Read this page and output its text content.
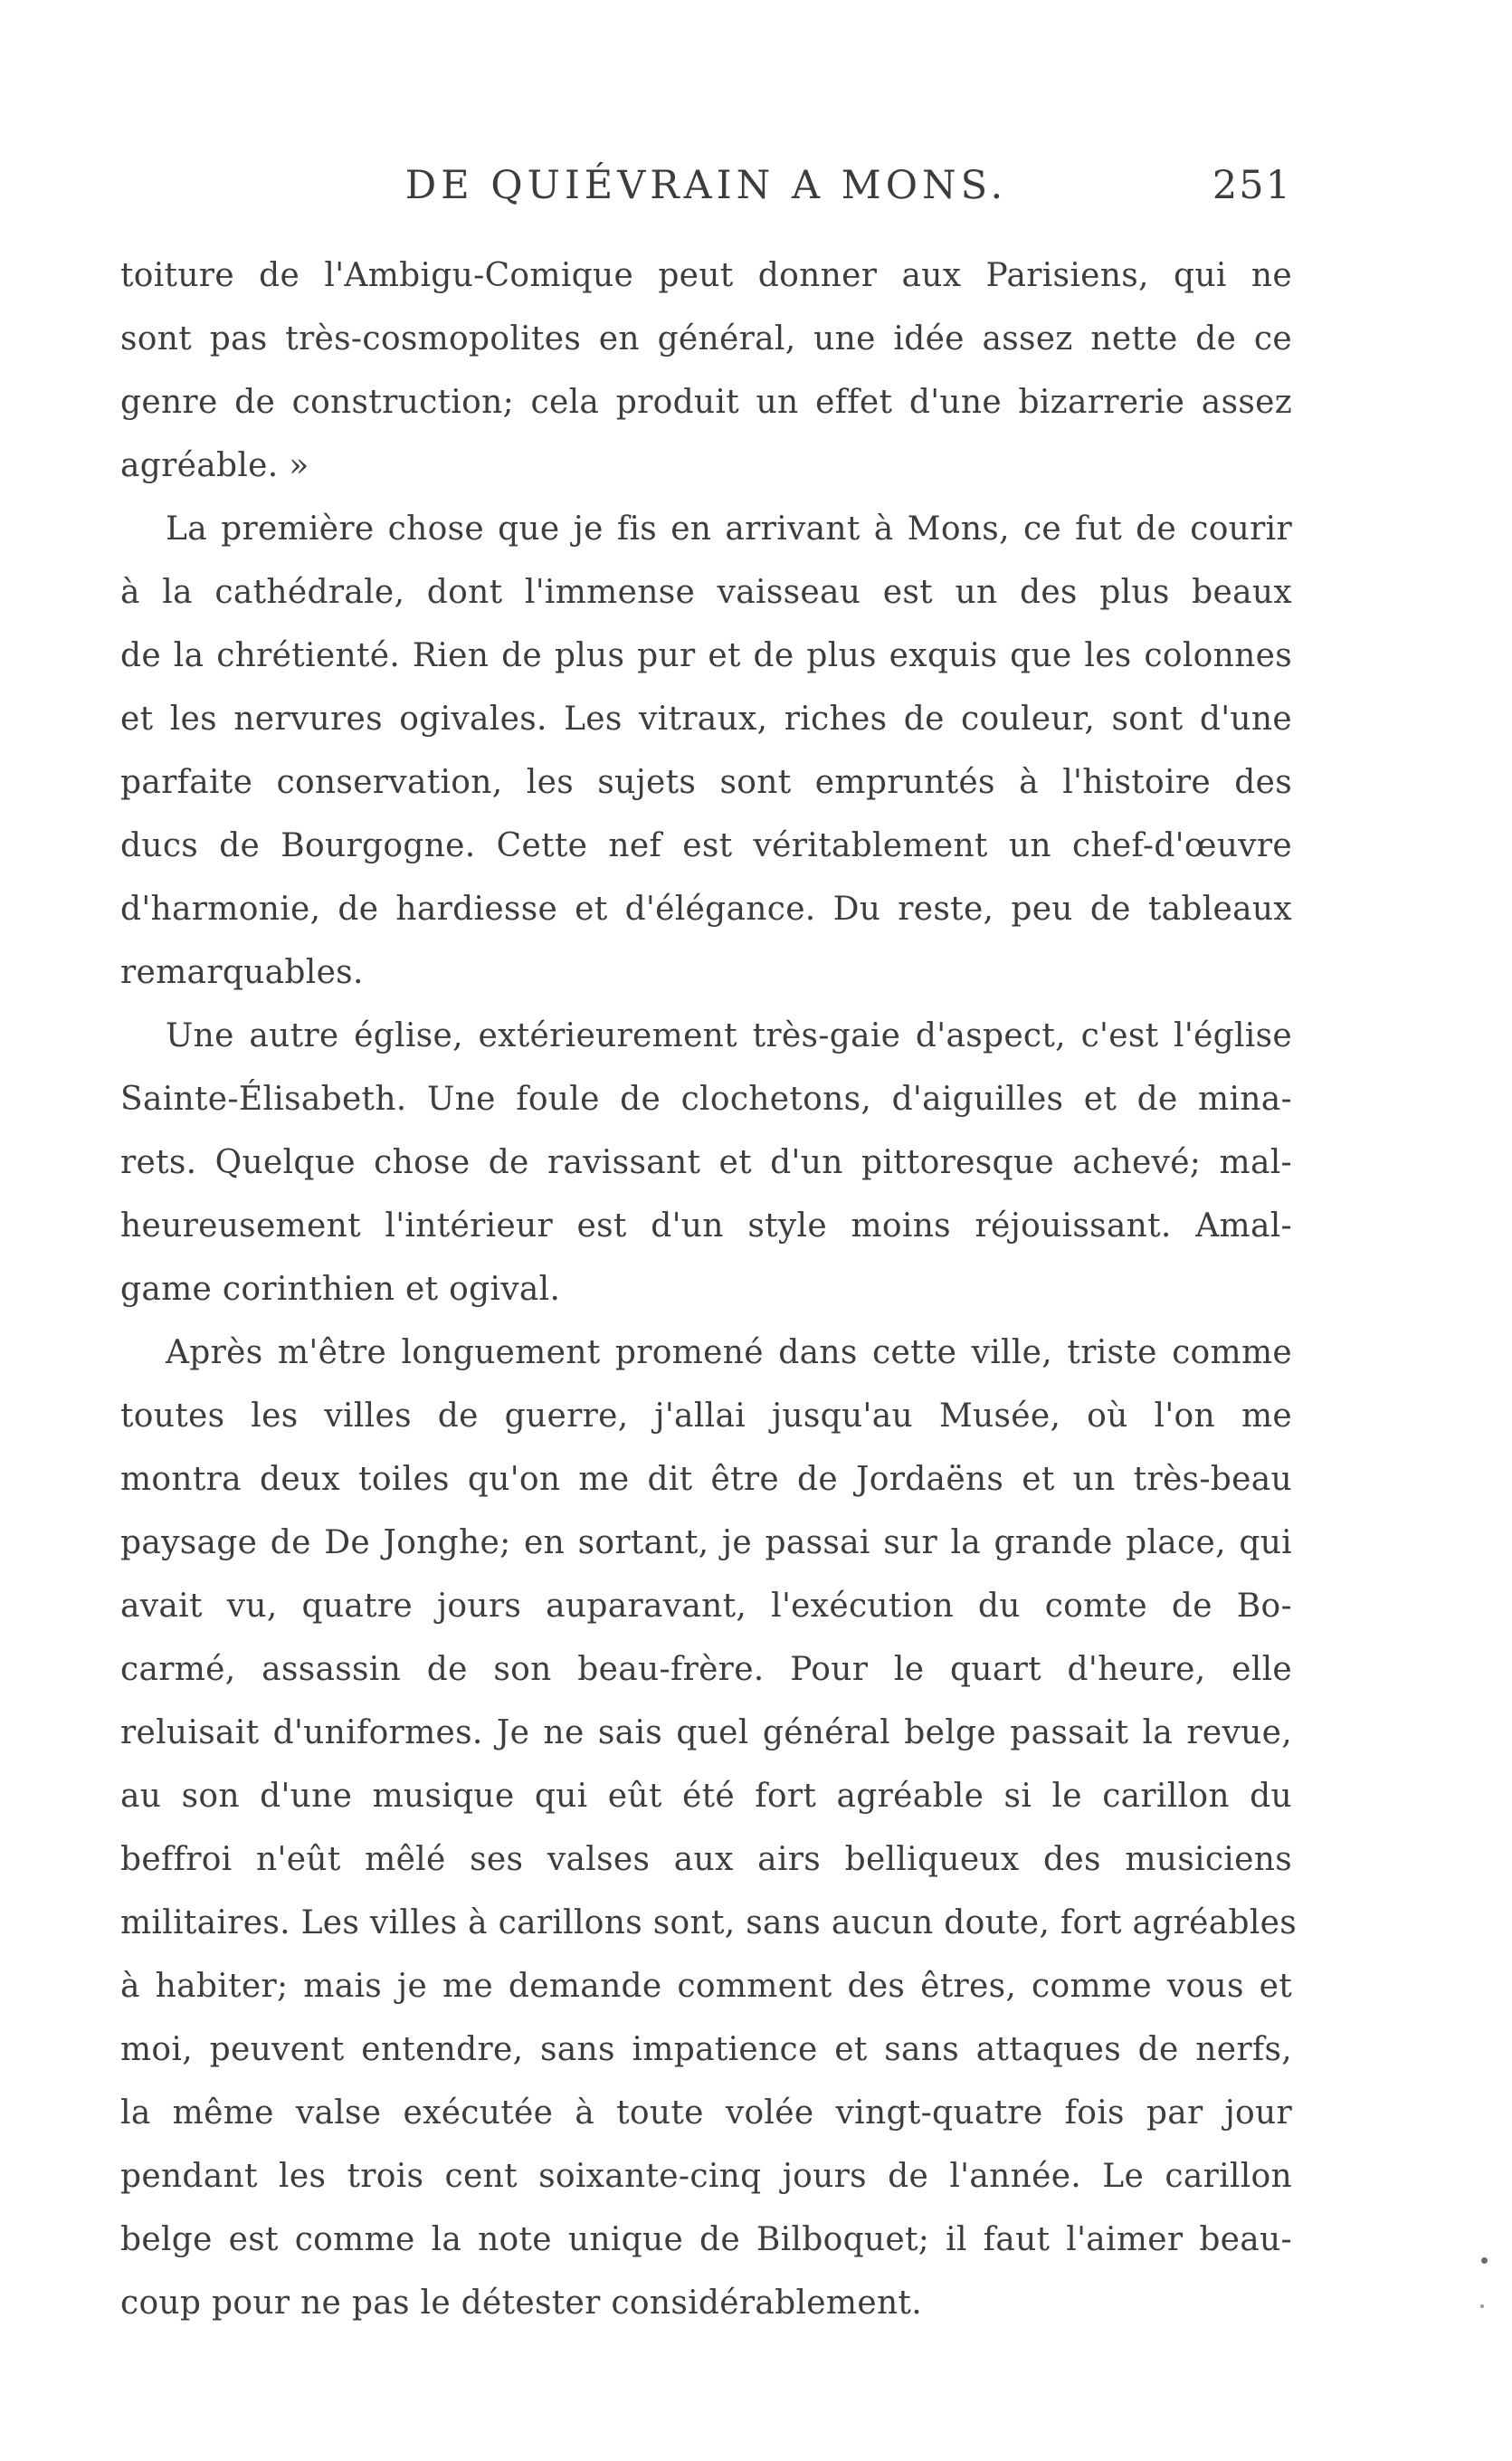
DE QUIÉVRAIN A MONS.	251
toiture de l'Ambigu-Comique peut donner aux Parisiens, qui ne
sont pas très-cosmopolites en général, une idée assez nette de ce
genre de construction; cela produit un effet d'une bizarrerie assez
agréable. »
La première chose que je fis en arrivant à Mons, ce fut de courir
à la cathédrale, dont l'immense vaisseau est un des plus beaux
de la chrétienté. Rien de plus pur et de plus exquis que les colonnes
et les nervures ogivales. Les vitraux, riches de couleur, sont d'une
parfaite conservation, les sujets sont empruntés à l'histoire des
ducs de Bourgogne. Cette nef est véritablement un chef-d'œuvre
d'harmonie, de hardiesse et d'élégance. Du reste, peu de tableaux
remarquables.
Une autre église, extérieurement très-gaie d'aspect, c'est l'église
Sainte-Élisabeth. Une foule de clochetons, d'aiguilles et de mina-
rets. Quelque chose de ravissant et d'un pittoresque achevé; mal-
heureusement l'intérieur est d'un style moins réjouissant. Amal-
game corinthien et ogival.
Après m'être longuement promené dans cette ville, triste comme
toutes les villes de guerre, j'allai jusqu'au Musée, où l'on me
montra deux toiles qu'on me dit être de Jordaëns et un très-beau
paysage de De Jonghe; en sortant, je passai sur la grande place, qui
avait vu, quatre jours auparavant, l'exécution du comte de Bo-
carmé, assassin de son beau-frère. Pour le quart d'heure, elle
reluisait d'uniformes. Je ne sais quel général belge passait la revue,
au son d'une musique qui eût été fort agréable si le carillon du
beffroi n'eût mêlé ses valses aux airs belliqueux des musiciens
militaires. Les villes à carillons sont, sans aucun doute, fort agréables
à habiter; mais je me demande comment des êtres, comme vous et
moi, peuvent entendre, sans impatience et sans attaques de nerfs,
la même valse exécutée à toute volée vingt-quatre fois par jour
pendant les trois cent soixante-cinq jours de l'année. Le carillon
belge est comme la note unique de Bilboquet; il faut l'aimer beau-
coup pour ne pas le détester considérablement.
